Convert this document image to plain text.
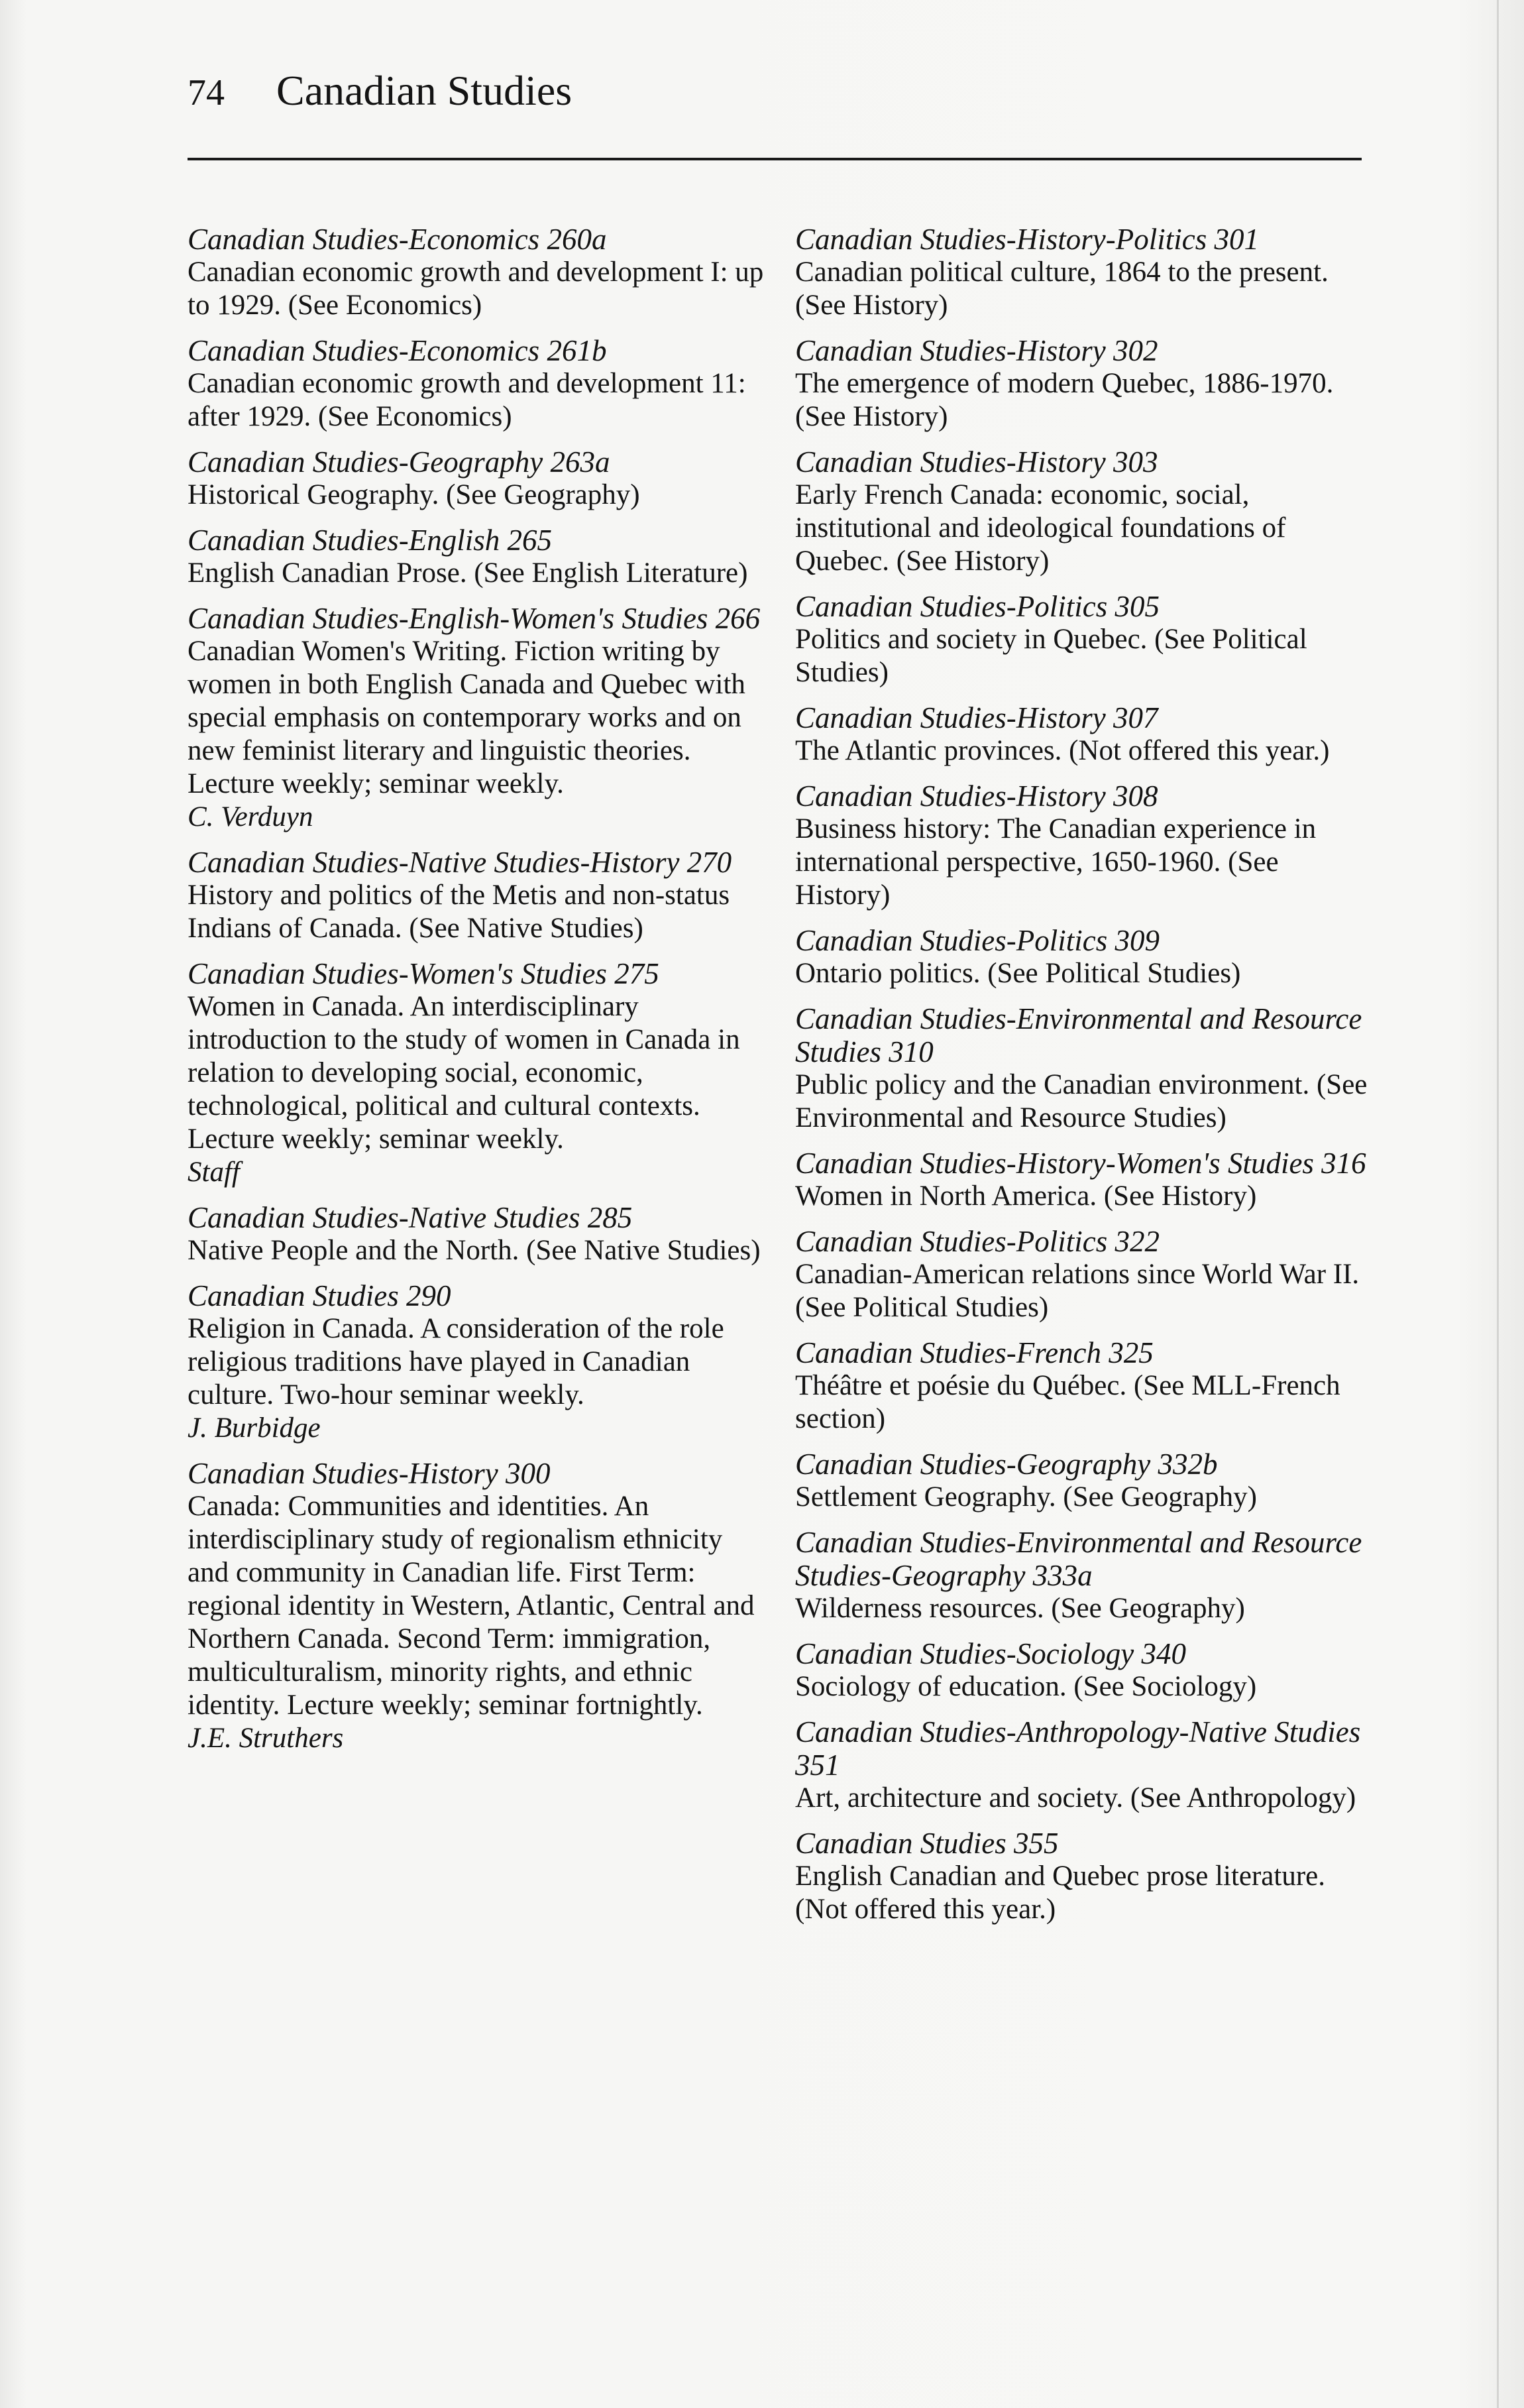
74 Canadian Studies
Canadian Studies-Economics 260a
Canadian economic growth and development I: up to 1929. (See Economics)
Canadian Studies-Economics 261b
Canadian economic growth and development 11: after 1929. (See Economics)
Canadian Studies-Geography 263a
Historical Geography. (See Geography)
Canadian Studies-English 265
English Canadian Prose. (See English Literature)
Canadian Studies-English-Women's Studies 266
Canadian Women's Writing. Fiction writing by women in both English Canada and Quebec with special emphasis on contemporary works and on new feminist literary and linguistic theories. Lecture weekly; seminar weekly.
C. Verduyn
Canadian Studies-Native Studies-History 270
History and politics of the Metis and non-status Indians of Canada. (See Native Studies)
Canadian Studies-Women's Studies 275
Women in Canada. An interdisciplinary introduction to the study of women in Canada in relation to developing social, economic, technological, political and cultural contexts. Lecture weekly; seminar weekly.
Staff
Canadian Studies-Native Studies 285
Native People and the North. (See Native Studies)
Canadian Studies 290
Religion in Canada. A consideration of the role religious traditions have played in Canadian culture. Two-hour seminar weekly.
J. Burbidge
Canadian Studies-History 300
Canada: Communities and identities. An interdisciplinary study of regionalism ethnicity and community in Canadian life. First Term: regional identity in Western, Atlantic, Central and Northern Canada. Second Term: immigration, multiculturalism, minority rights, and ethnic identity. Lecture weekly; seminar fortnightly.
J.E. Struthers
Canadian Studies-History-Politics 301
Canadian political culture, 1864 to the present. (See History)
Canadian Studies-History 302
The emergence of modern Quebec, 1886-1970. (See History)
Canadian Studies-History 303
Early French Canada: economic, social, institutional and ideological foundations of Quebec. (See History)
Canadian Studies-Politics 305
Politics and society in Quebec. (See Political Studies)
Canadian Studies-History 307
The Atlantic provinces. (Not offered this year.)
Canadian Studies-History 308
Business history: The Canadian experience in international perspective, 1650-1960. (See History)
Canadian Studies-Politics 309
Ontario politics. (See Political Studies)
Canadian Studies-Environmental and Resource Studies 310
Public policy and the Canadian environment. (See Environmental and Resource Studies)
Canadian Studies-History-Women's Studies 316
Women in North America. (See History)
Canadian Studies-Politics 322
Canadian-American relations since World War II. (See Political Studies)
Canadian Studies-French 325
Théâtre et poésie du Québec. (See MLL-French section)
Canadian Studies-Geography 332b
Settlement Geography. (See Geography)
Canadian Studies-Environmental and Resource Studies-Geography 333a
Wilderness resources. (See Geography)
Canadian Studies-Sociology 340
Sociology of education. (See Sociology)
Canadian Studies-Anthropology-Native Studies 351
Art, architecture and society. (See Anthropology)
Canadian Studies 355
English Canadian and Quebec prose literature. (Not offered this year.)
